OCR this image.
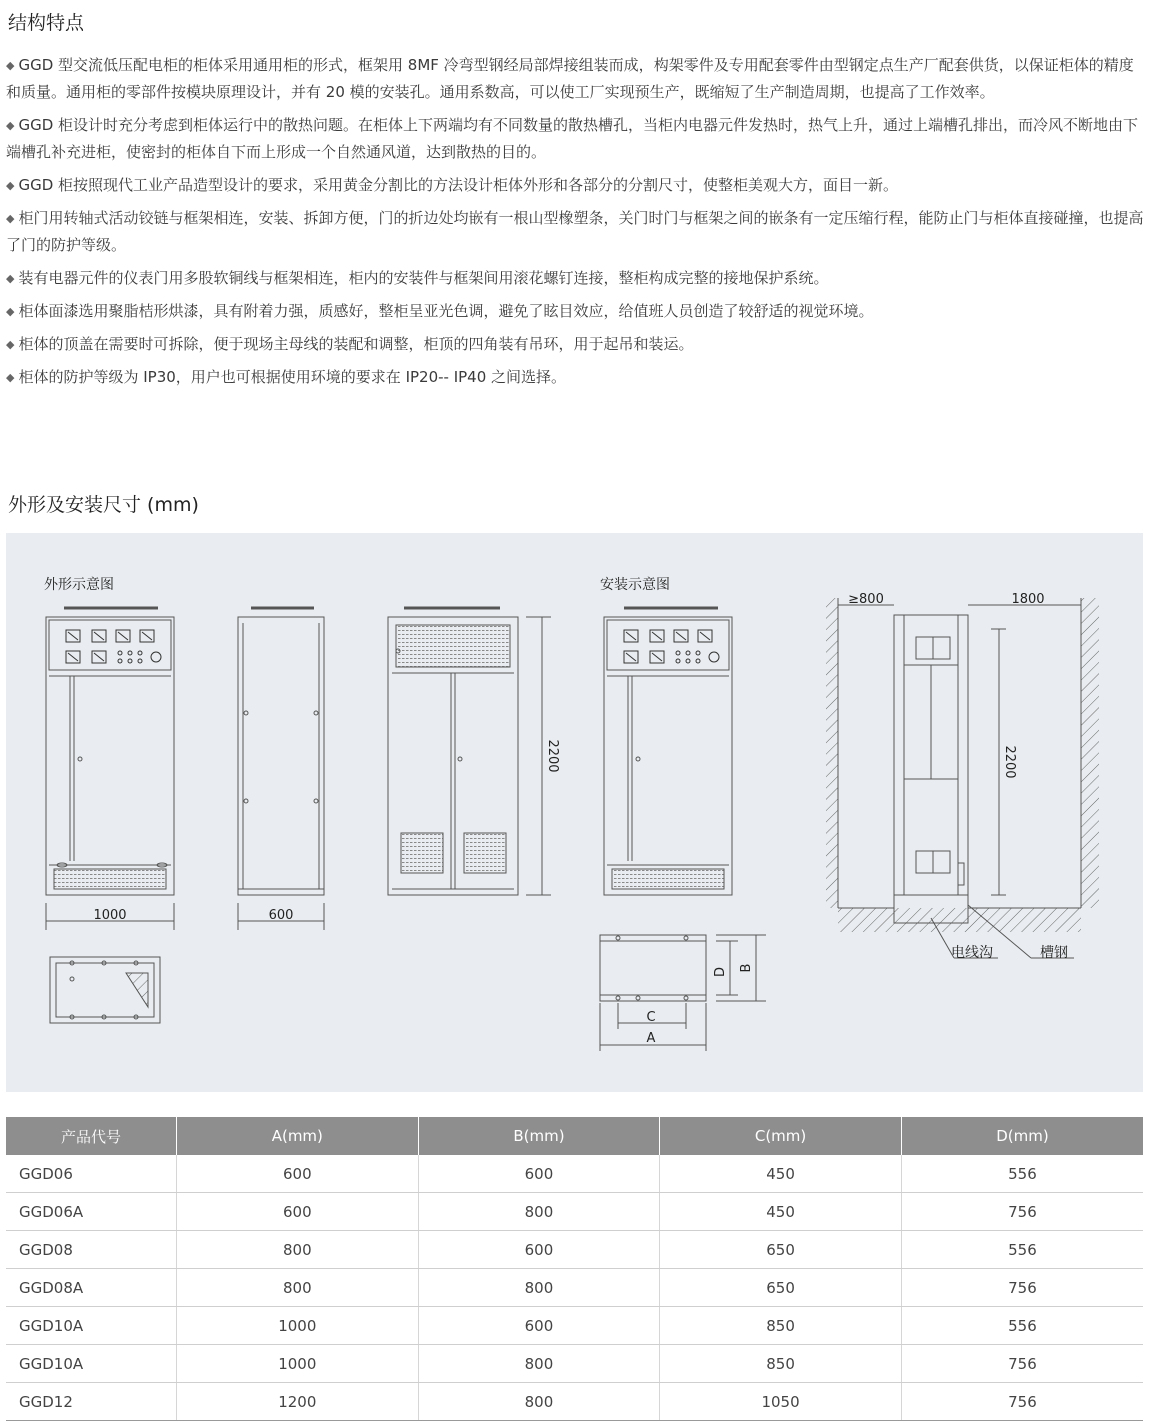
结构特点
◆ GGD 型交流低压配电柜的柜体采用通用柜的形式，框架用 8MF 冷弯型钢经局部焊接组装而成，构架零件及专用配套零件由型钢定点生产厂配套供货，以保证柜体的精度和质量。通用柜的零部件按模块原理设计，并有 20 模的安装孔。通用系数高，可以使工厂实现预生产，既缩短了生产制造周期，也提高了工作效率。
◆ GGD 柜设计时充分考虑到柜体运行中的散热问题。在柜体上下两端均有不同数量的散热槽孔，当柜内电器元件发热时，热气上升，通过上端槽孔排出，而冷风不断地由下端槽孔补充进柜，使密封的柜体自下而上形成一个自然通风道，达到散热的目的。
◆ GGD 柜按照现代工业产品造型设计的要求，采用黄金分割比的方法设计柜体外形和各部分的分割尺寸，使整柜美观大方，面目一新。
◆ 柜门用转轴式活动铰链与框架相连，安装、拆卸方便，门的折边处均嵌有一根山型橡塑条，关门时门与框架之间的嵌条有一定压缩行程，能防止门与柜体直接碰撞，也提高了门的防护等级。
◆ 装有电器元件的仪表门用多股软铜线与框架相连，柜内的安装件与框架间用滚花螺钉连接，整柜构成完整的接地保护系统。
◆ 柜体面漆选用聚脂桔形烘漆，具有附着力强，质感好，整柜呈亚光色调，避免了眩目效应，给值班人员创造了较舒适的视觉环境。
◆ 柜体的顶盖在需要时可拆除，便于现场主母线的装配和调整，柜顶的四角装有吊环，用于起吊和装运。
◆ 柜体的防护等级为 IP30，用户也可根据使用环境的要求在 IP20-- IP40 之间选择。
外形及安装尺寸 (mm)
外形示意图	安装示意图
1000	600
2200
≥800	1800
2200
电线沟	槽钢
D B
C
A
产品代号	A(mm)	B(mm)	C(mm)	D(mm)
GGD06	600	600	450	556
GGD06A	600	800	450	756
GGD08	800	600	650	556
GGD08A	800	800	650	756
GGD10A	1000	600	850	556
GGD10A	1000	800	850	756
GGD12	1200	800	1050	756
